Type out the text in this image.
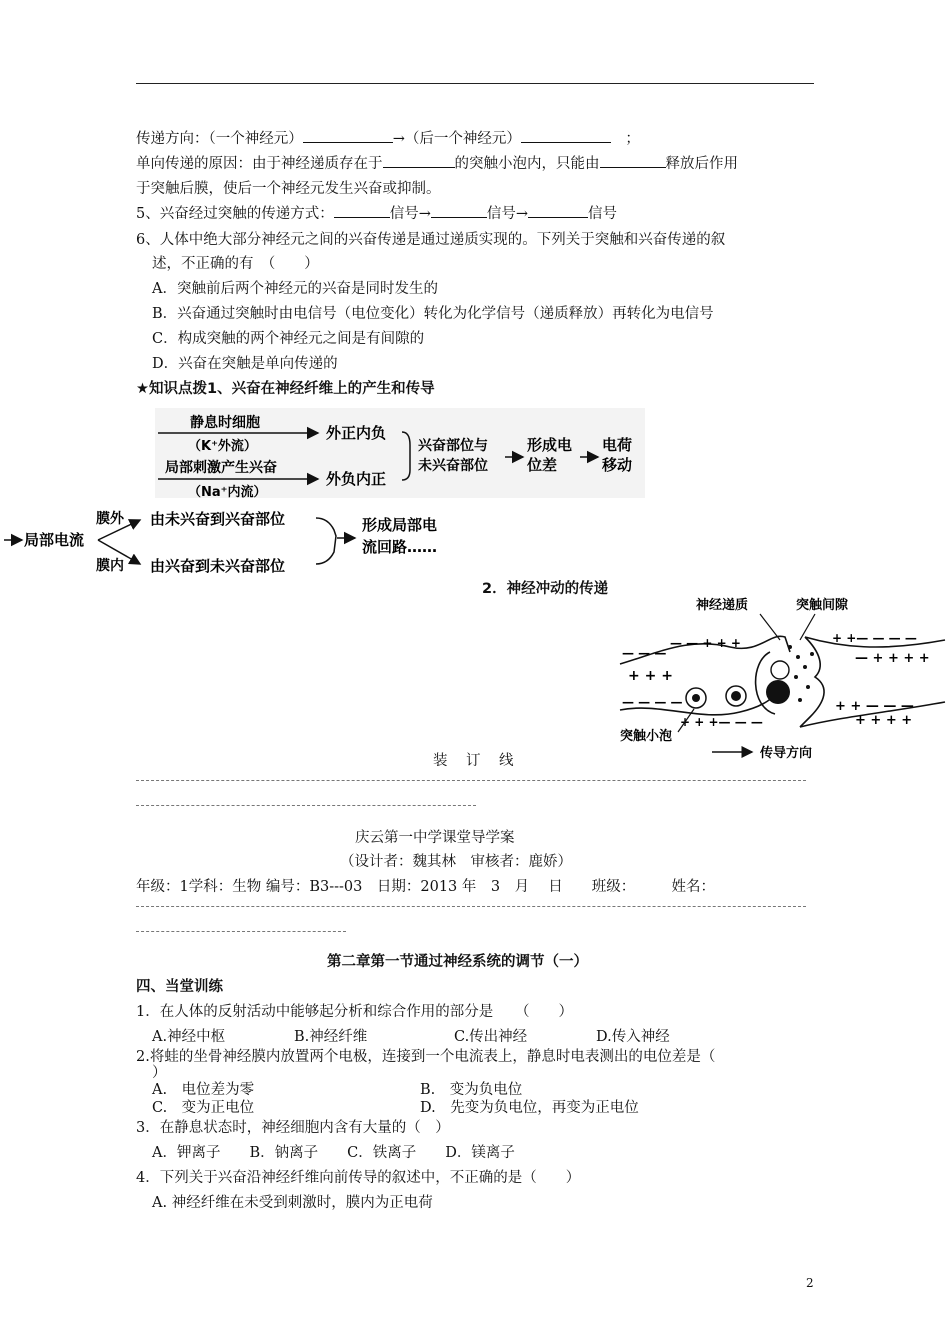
传递方向：（一个神经元）	→（后一个神经元）　	；
单向传递的原因：由于神经递质存在于	的突触小泡内，只能由	释放后作用
于突触后膜，使后一个神经元发生兴奋或抑制。
5、兴奋经过突触的传递方式：	信号→	信号→	信号
6、人体中绝大部分神经元之间的兴奋传递是通过递质实现的。下列关于突触和兴奋传递的叙
述，不正确的有　（　　）
A．突触前后两个神经元的兴奋是同时发生的
B．兴奋通过突触时由电信号（电位变化）转化为化学信号（递质释放）再转化为电信号
C．构成突触的两个神经元之间是有间隙的
D．兴奋在突触是单向传递的
★知识点拨1、兴奋在神经纤维上的产生和传导
静息时细胞
（K⁺外流）
局部刺激产生兴奋
（Na⁺内流）
外正内负
外负内正
兴奋部位与
未兴奋部位
形成电
位差
电荷
移动
局部电流
膜外
膜内
由未兴奋到兴奋部位
由兴奋到未兴奋部位
形成局部电
流回路……
2．神经冲动的传递
神经递质	突触间隙
— — + + +
— — —
+ + +
— — — —
+ + +— — —
+ +— — — —
— + + + +
+ + — — —
+ + + +
突触小泡
传导方向
装　订　线
庆云第一中学课堂导学案
（设计者：魏其林　审核者：鹿娇）
年级：1学科：生物 编号：B3---03　日期：2013 年　3　月　 日　　班级：　　　姓名：
第二章第一节通过神经系统的调节（一）
四、当堂训练
1．在人体的反射活动中能够起分析和综合作用的部分是　　（　　）
A.神经中枢	B.神经纤维	C.传出神经	D.传入神经
2.将蛙的坐骨神经膜内放置两个电极，连接到一个电流表上，静息时电表测出的电位差是（
）
A.　电位差为零	B.　变为负电位
C.　变为正电位	D.　先变为负电位，再变为正电位
3．在静息状态时，神经细胞内含有大量的（　）
A．钾离子　　B．钠离子　　C．铁离子　　D．镁离子
4．下列关于兴奋沿神经纤维向前传导的叙述中，不正确的是（　　）
A. 神经纤维在未受到刺激时，膜内为正电荷
2
